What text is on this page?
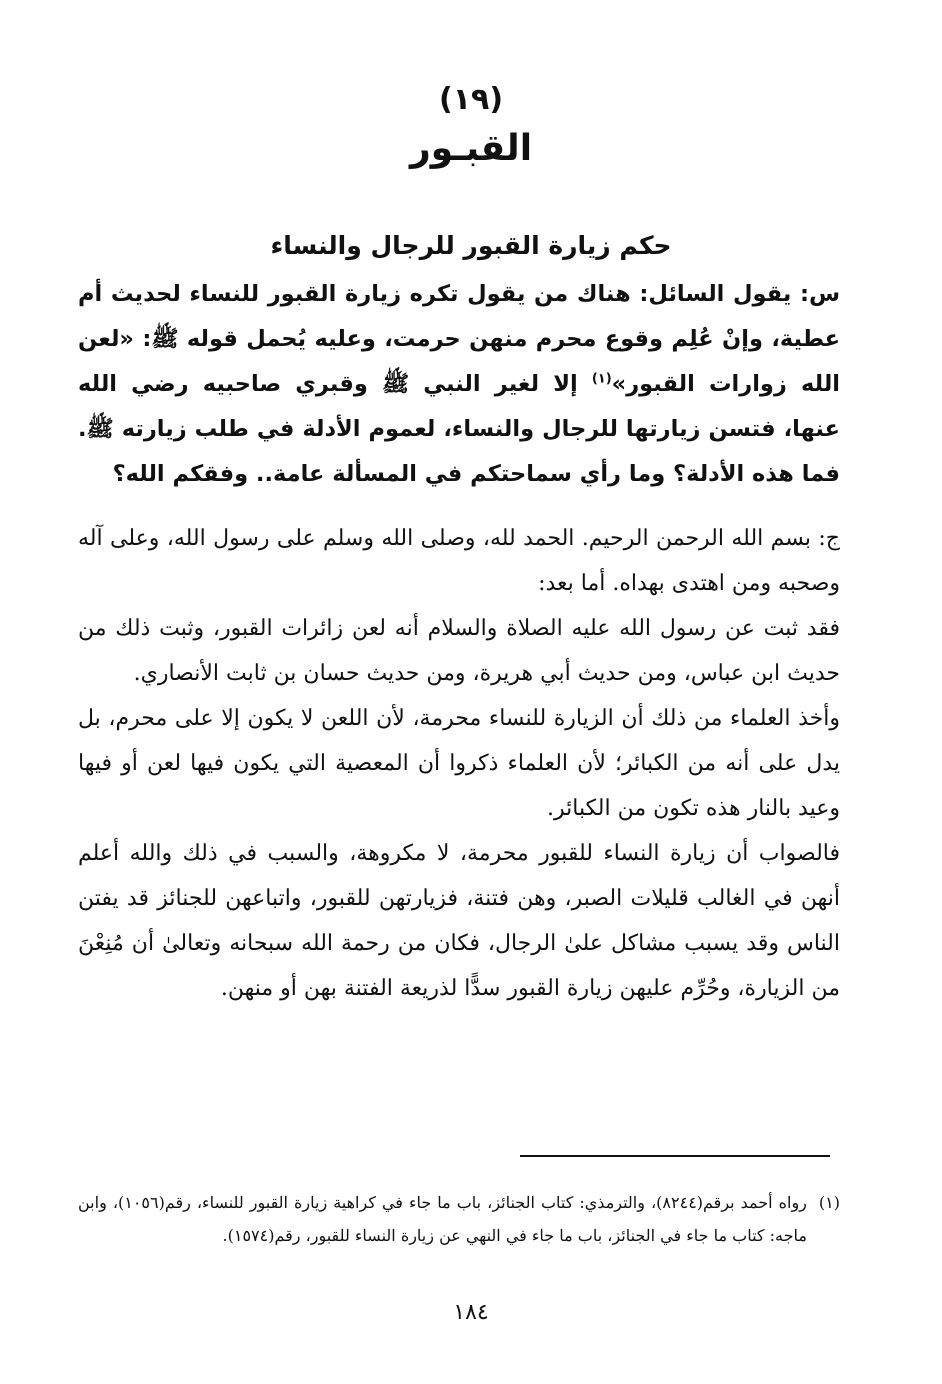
(١٩)
القبـور
حكم زيارة القبور للرجال والنساء
س: يقول السائل: هناك من يقول تكره زيارة القبور للنساء لحديث أم عطية، وإنْ عُلِم وقوع محرم منهن حرمت، وعليه يُحمل قوله ﷺ: «لعن الله زوارات القبور»$^{(١)}$ إلا لغير النبي ﷺ وقبري صاحبيه رضي الله عنها، فتسن زيارتها للرجال والنساء، لعموم الأدلة في طلب زيارته ﷺ. فما هذه الأدلة؟ وما رأي سماحتكم في المسألة عامة.. وفقكم الله؟

ج: بسم الله الرحمن الرحيم. الحمد لله، وصلى الله وسلم على رسول الله، وعلى آله وصحبه ومن اهتدى بهداه. أما بعد:

فقد ثبت عن رسول الله عليه الصلاة والسلام أنه لعن زائرات القبور، وثبت ذلك من حديث ابن عباس، ومن حديث أبي هريرة، ومن حديث حسان بن ثابت الأنصاري.

وأخذ العلماء من ذلك أن الزيارة للنساء محرمة، لأن اللعن لا يكون إلا على محرم، بل يدل على أنه من الكبائر؛ لأن العلماء ذكروا أن المعصية التي يكون فيها لعن أو فيها وعيد بالنار هذه تكون من الكبائر.

فالصواب أن زيارة النساء للقبور محرمة، لا مكروهة، والسبب في ذلك والله أعلم أنهن في الغالب قليلات الصبر، وهن فتنة، فزيارتهن للقبور، واتباعهن للجنائز قد يفتن الناس وقد يسبب مشاكل علىٰ الرجال، فكان من رحمة الله سبحانه وتعالىٰ أن مُنِعْنَ من الزيارة، وحُرِّم عليهن زيارة القبور سدًّا لذريعة الفتنة بهن أو منهن.

(١)
رواه أحمد برقم(٨٢٤٤)، والترمذي: كتاب الجنائز، باب ما جاء في كراهية زيارة القبور للنساء، رقم(١٠٥٦)، وابن ماجه: كتاب ما جاء في الجنائز، باب ما جاء في النهي عن زيارة النساء للقبور، رقم(١٥٧٤).
١٨٤
